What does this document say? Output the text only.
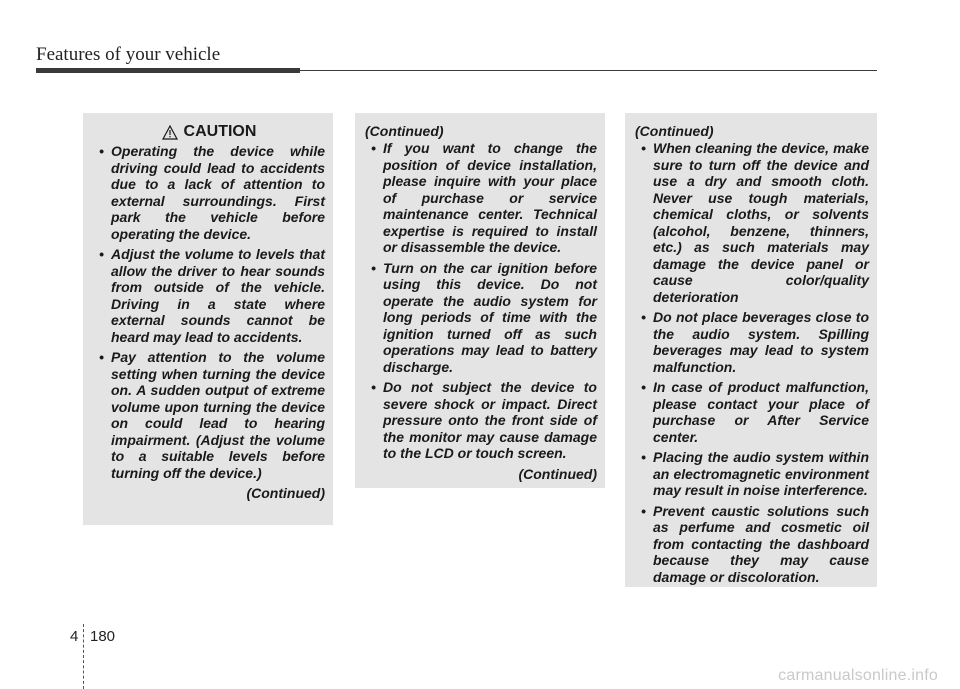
Features of your vehicle
CAUTION
• Operating the device while driving could lead to accidents due to a lack of attention to external surroundings. First park the vehicle before operating the device.
• Adjust the volume to levels that allow the driver to hear sounds from outside of the vehicle. Driving in a state where external sounds cannot be heard may lead to accidents.
• Pay attention to the volume setting when turning the device on. A sudden output of extreme volume upon turning the device on could lead to hearing impairment. (Adjust the volume to a suitable levels before turning off the device.)
(Continued)
(Continued)
• If you want to change the position of device installation, please inquire with your place of purchase or service maintenance center. Technical expertise is required to install or disassemble the device.
• Turn on the car ignition before using this device. Do not operate the audio system for long periods of time with the ignition turned off as such operations may lead to battery discharge.
• Do not subject the device to severe shock or impact. Direct pressure onto the front side of the monitor may cause damage to the LCD or touch screen.
(Continued)
(Continued)
• When cleaning the device, make sure to turn off the device and use a dry and smooth cloth. Never use tough materials, chemical cloths, or solvents (alcohol, benzene, thinners, etc.) as such materials may damage the device panel or cause color/quality deterioration
• Do not place beverages close to the audio system. Spilling beverages may lead to system malfunction.
• In case of product malfunction, please contact your place of purchase or After Service center.
• Placing the audio system within an electromagnetic environment may result in noise interference.
• Prevent caustic solutions such as perfume and cosmetic oil from contacting the dashboard because they may cause damage or discoloration.
4 180
carmanualsonline.info
